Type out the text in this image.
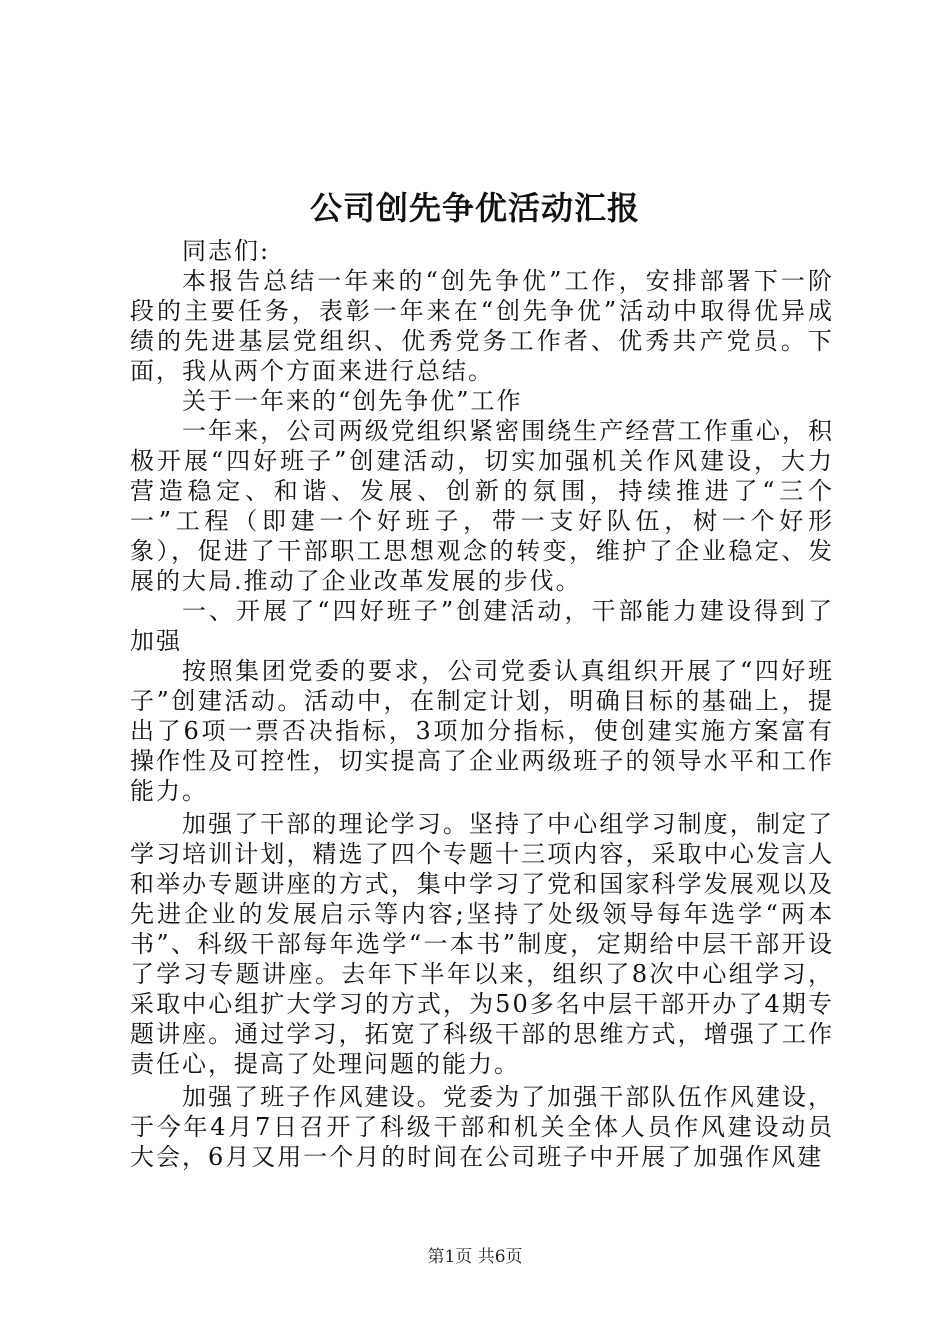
公司创先争优活动汇报

同志们:

本报告总结一年来的“创先争优”工作，安排部署下一阶段的主要任务，表彰一年来在“创先争优”活动中取得优异成绩的先进基层党组织、优秀党务工作者、优秀共产党员。下面，我从两个方面来进行总结。

关于一年来的“创先争优”工作

一年来，公司两级党组织紧密围绕生产经营工作重心，积极开展“四好班子”创建活动，切实加强机关作风建设，大力营造稳定、和谐、发展、创新的氛围，持续推进了“三个一”工程（即建一个好班子，带一支好队伍，树一个好形象），促进了干部职工思想观念的转变，维护了企业稳定、发展的大局.推动了企业改革发展的步伐。

一、开展了“四好班子”创建活动，干部能力建设得到了加强

按照集团党委的要求，公司党委认真组织开展了“四好班子”创建活动。活动中，在制定计划，明确目标的基础上，提出了6项一票否决指标，3项加分指标，使创建实施方案富有操作性及可控性，切实提高了企业两级班子的领导水平和工作能力。

加强了干部的理论学习。坚持了中心组学习制度，制定了学习培训计划，精选了四个专题十三项内容，采取中心发言人和举办专题讲座的方式，集中学习了党和国家科学发展观以及先进企业的发展启示等内容;坚持了处级领导每年选学“两本书”、科级干部每年选学“一本书”制度，定期给中层干部开设了学习专题讲座。去年下半年以来，组织了8次中心组学习，采取中心组扩大学习的方式，为50多名中层干部开办了4期专题讲座。通过学习，拓宽了科级干部的思维方式，增强了工作责任心，提高了处理问题的能力。

加强了班子作风建设。党委为了加强干部队伍作风建设，于今年4月7日召开了科级干部和机关全体人员作风建设动员大会，6月又用一个月的时间在公司班子中开展了加强作风建

第1页 共6页
